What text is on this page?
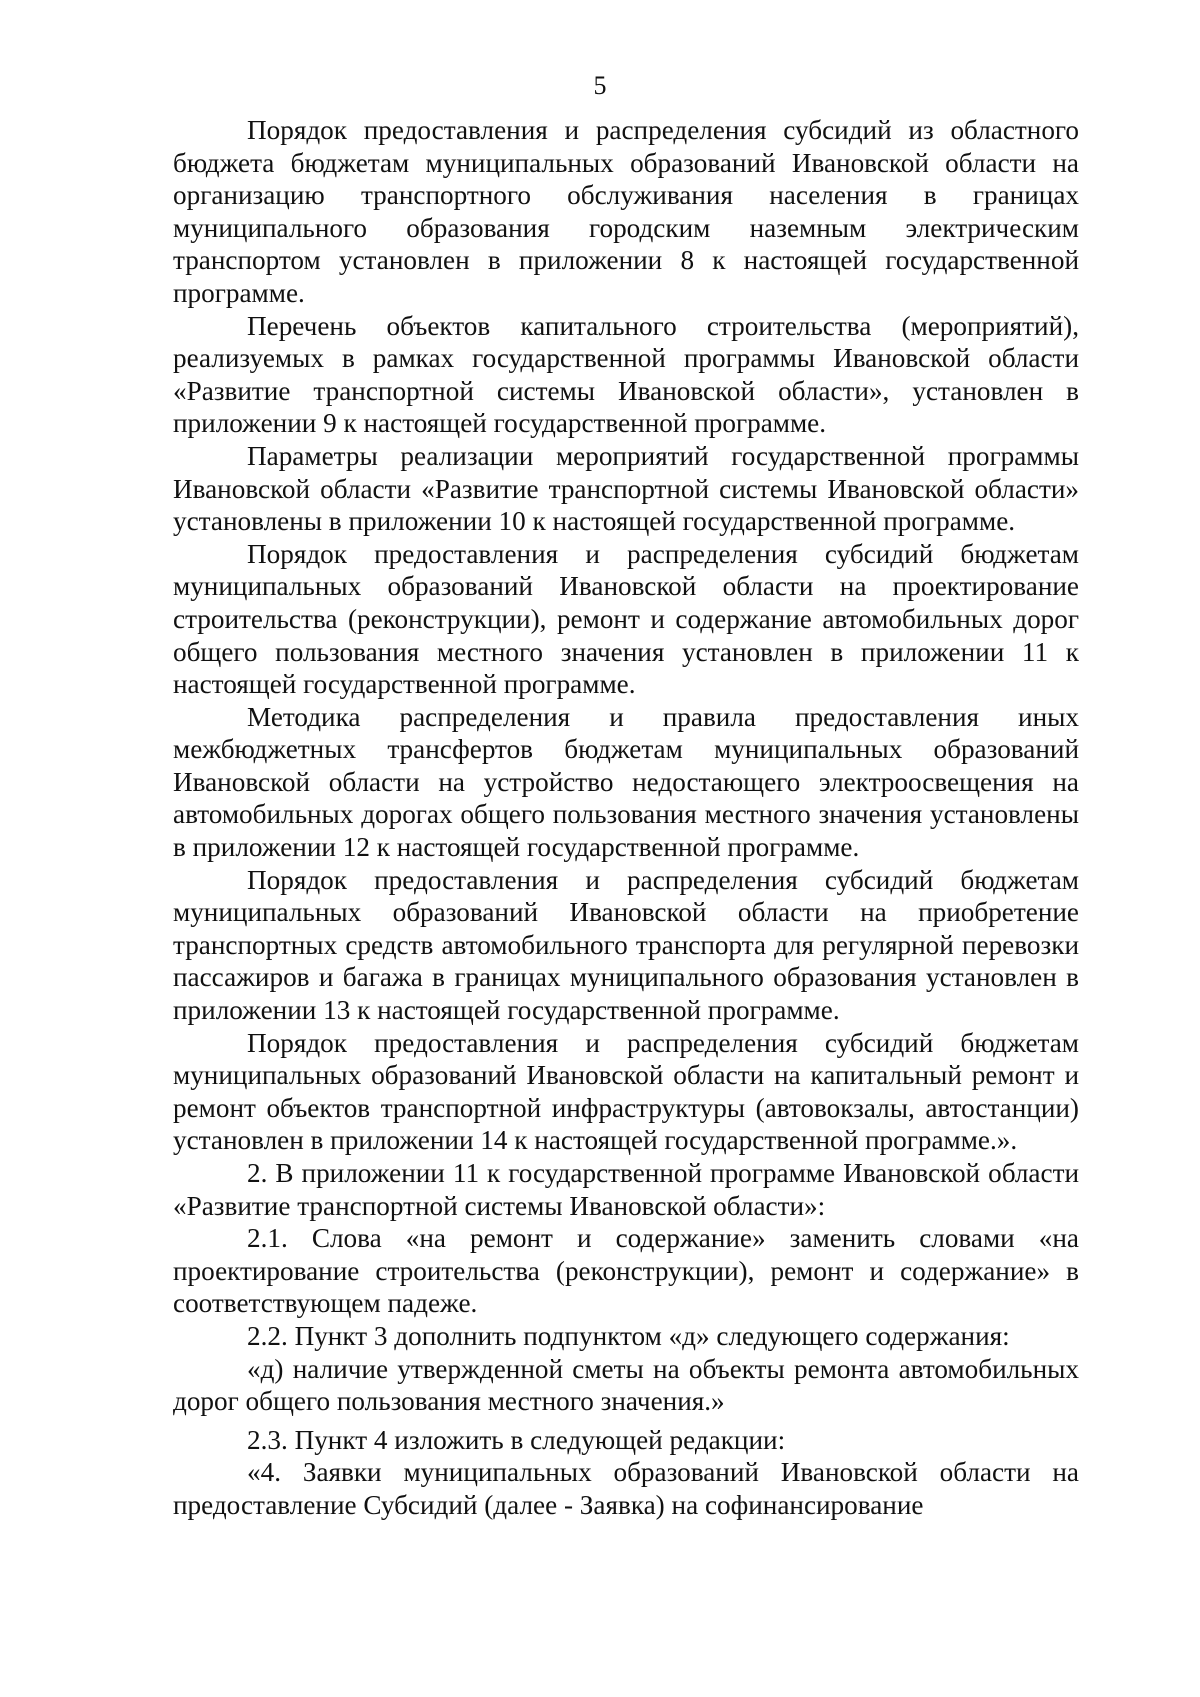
5

Порядок предоставления и распределения субсидий из областного бюджета бюджетам муниципальных образований Ивановской области на организацию транспортного обслуживания населения в границах муниципального образования городским наземным электрическим транспортом установлен в приложении 8 к настоящей государственной программе.

Перечень объектов капитального строительства (мероприятий), реализуемых в рамках государственной программы Ивановской области «Развитие транспортной системы Ивановской области», установлен в приложении 9 к настоящей государственной программе.

Параметры реализации мероприятий государственной программы Ивановской области «Развитие транспортной системы Ивановской области» установлены в приложении 10 к настоящей государственной программе.

Порядок предоставления и распределения субсидий бюджетам муниципальных образований Ивановской области на проектирование строительства (реконструкции), ремонт и содержание автомобильных дорог общего пользования местного значения установлен в приложении 11 к настоящей государственной программе.

Методика распределения и правила предоставления иных межбюджетных трансфертов бюджетам муниципальных образований Ивановской области на устройство недостающего электроосвещения на автомобильных дорогах общего пользования местного значения установлены в приложении 12 к настоящей государственной программе.

Порядок предоставления и распределения субсидий бюджетам муниципальных образований Ивановской области на приобретение транспортных средств автомобильного транспорта для регулярной перевозки пассажиров и багажа в границах муниципального образования установлен в приложении 13 к настоящей государственной программе.

Порядок предоставления и распределения субсидий бюджетам муниципальных образований Ивановской области на капитальный ремонт и ремонт объектов транспортной инфраструктуры (автовокзалы, автостанции) установлен в приложении 14 к настоящей государственной программе.».

2. В приложении 11 к государственной программе Ивановской области «Развитие транспортной системы Ивановской области»:

2.1. Слова «на ремонт и содержание» заменить словами «на проектирование строительства (реконструкции), ремонт и содержание» в соответствующем падеже.

2.2. Пункт 3 дополнить подпунктом «д» следующего содержания:

«д) наличие утвержденной сметы на объекты ремонта автомобильных дорог общего пользования местного значения.»

2.3. Пункт 4 изложить в следующей редакции:

«4. Заявки муниципальных образований Ивановской области на предоставление Субсидий (далее - Заявка) на софинансирование
